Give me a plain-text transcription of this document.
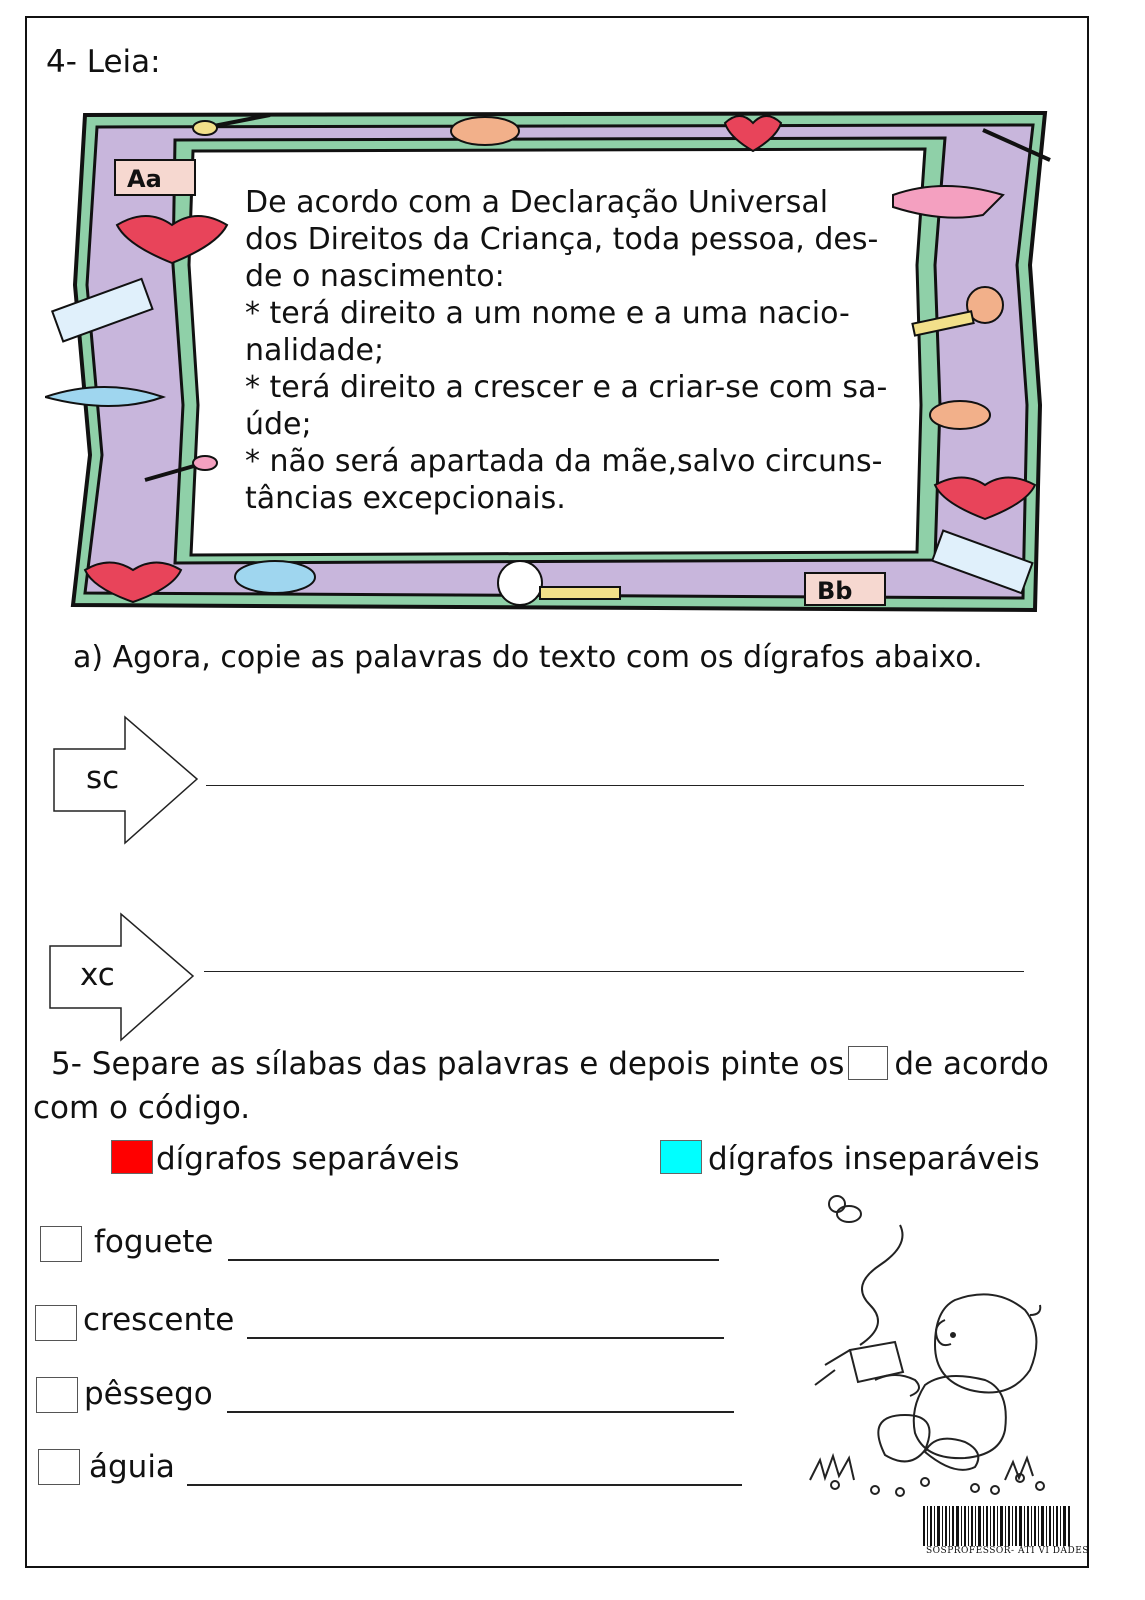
4- Leia:
Aa
Bb

De acordo com a Declaração Universal

dos Direitos da Criança, toda pessoa, des-

de o nascimento:

* terá direito a um nome e a uma nacio-

nalidade;

* terá direito a crescer e a criar-se com sa-

úde;

* não será apartada da mãe,salvo circuns-

tâncias excepcionais.

a) Agora, copie as palavras do texto com os dígrafos abaixo.
sc
xc
5- Separe as sílabas das palavras e depois pinte os de acordo com o código.
dígrafos separáveis	dígrafos inseparáveis
foguete
crescente
pêssego
águia
SOSPROFESSOR- ATI VI DADES
